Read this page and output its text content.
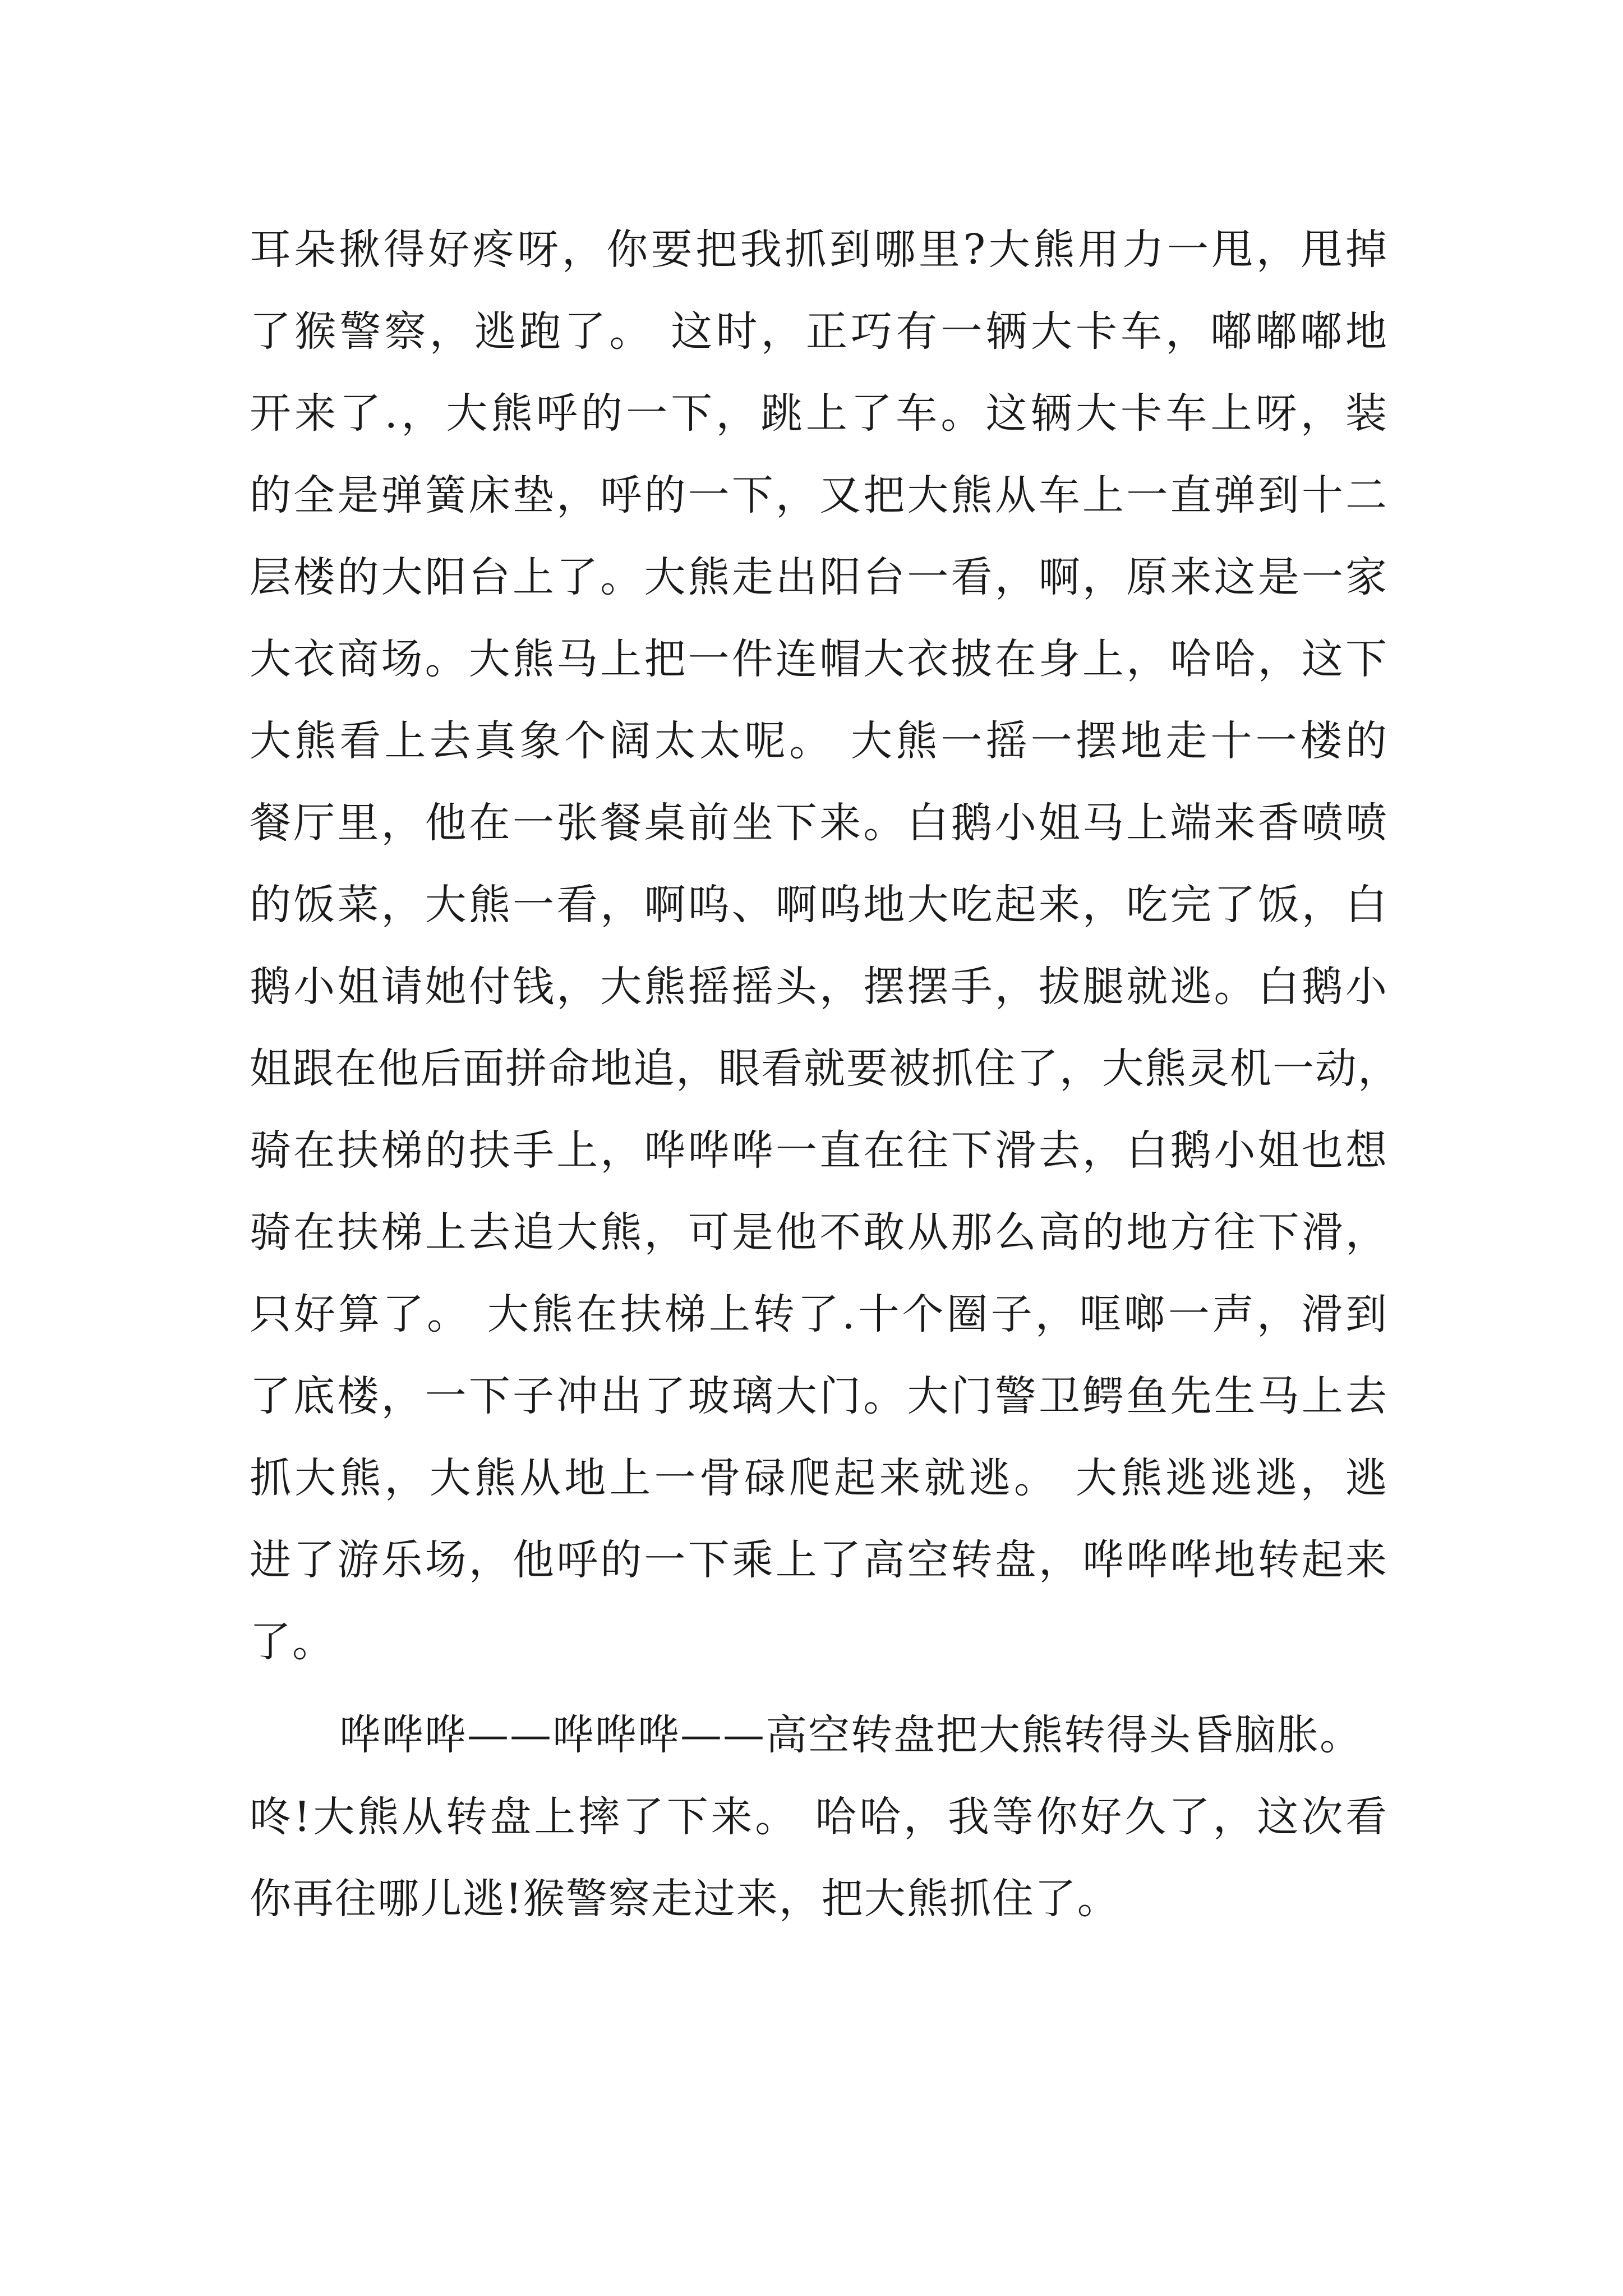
耳朵揪得好疼呀，你要把我抓到哪里?大熊用力一甩，甩掉
了猴警察，逃跑了。 这时，正巧有一辆大卡车，嘟嘟嘟地
开来了.，大熊呼的一下，跳上了车。这辆大卡车上呀，装
的全是弹簧床垫，呼的一下，又把大熊从车上一直弹到十二
层楼的大阳台上了。大熊走出阳台一看，啊，原来这是一家
大衣商场。大熊马上把一件连帽大衣披在身上，哈哈，这下
大熊看上去真象个阔太太呢。 大熊一摇一摆地走十一楼的
餐厅里，他在一张餐桌前坐下来。白鹅小姐马上端来香喷喷
的饭菜，大熊一看，啊呜、啊呜地大吃起来，吃完了饭，白
鹅小姐请她付钱，大熊摇摇头，摆摆手，拔腿就逃。白鹅小
姐跟在他后面拼命地追，眼看就要被抓住了，大熊灵机一动，
骑在扶梯的扶手上，哗哗哗一直在往下滑去，白鹅小姐也想
骑在扶梯上去追大熊，可是他不敢从那么高的地方往下滑，
只好算了。 大熊在扶梯上转了.十个圈子，哐啷一声，滑到
了底楼，一下子冲出了玻璃大门。大门警卫鳄鱼先生马上去
抓大熊，大熊从地上一骨碌爬起来就逃。 大熊逃逃逃，逃
进了游乐场，他呼的一下乘上了高空转盘，哗哗哗地转起来
了。
哗哗哗——哗哗哗——高空转盘把大熊转得头昏脑胀。
咚!大熊从转盘上摔了下来。 哈哈，我等你好久了，这次看
你再往哪儿逃!猴警察走过来，把大熊抓住了。
